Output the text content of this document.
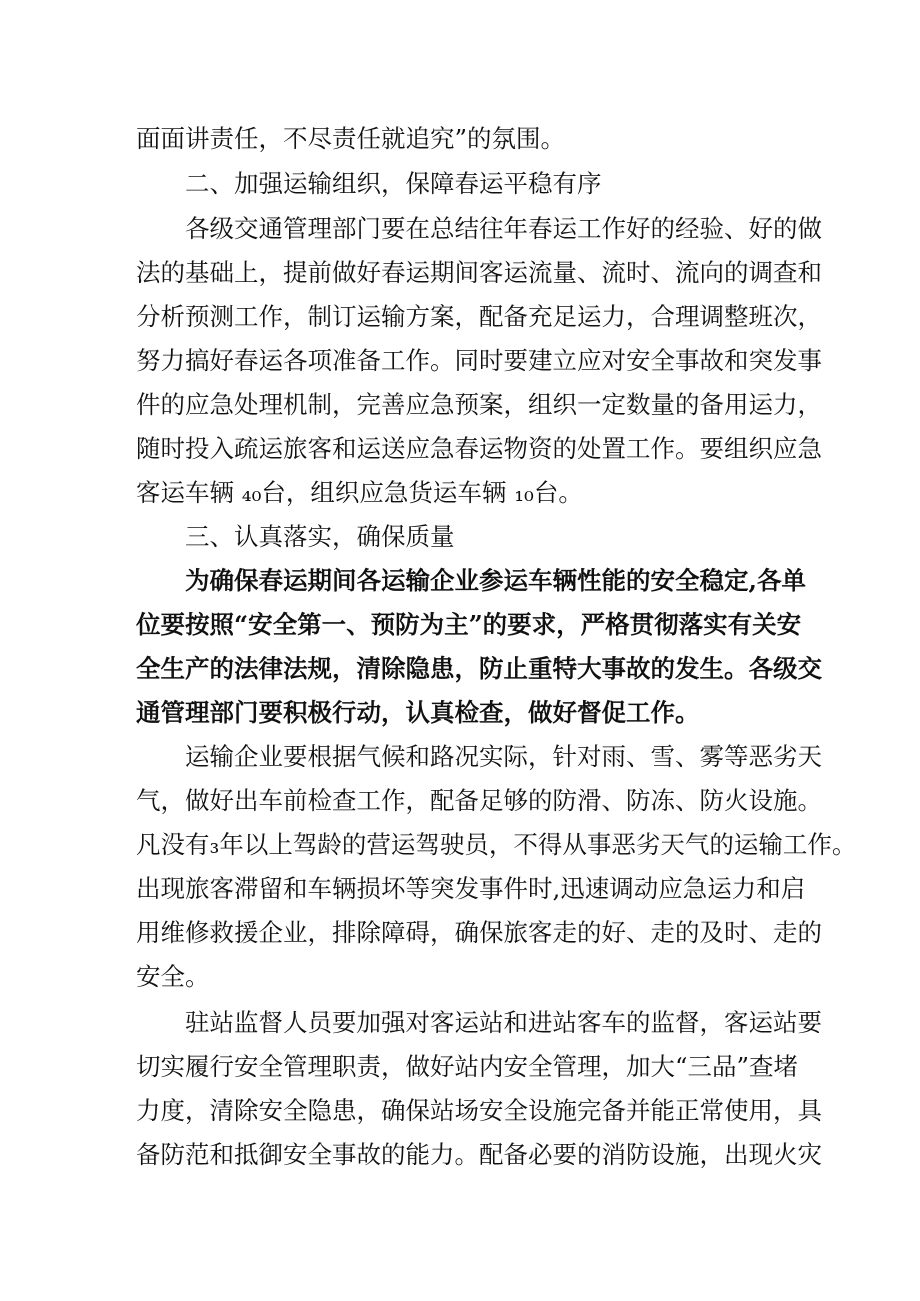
面面讲责任，不尽责任就追究”的氛围。
二、加强运输组织，保障春运平稳有序
各级交通管理部门要在总结往年春运工作好的经验、好的做
法的基础上，提前做好春运期间客运流量、流时、流向的调查和
分析预测工作，制订运输方案，配备充足运力，合理调整班次，
努力搞好春运各项准备工作。同时要建立应对安全事故和突发事
件的应急处理机制，完善应急预案，组织一定数量的备用运力，
随时投入疏运旅客和运送应急春运物资的处置工作。要组织应急
客运车辆 ₄₀台，组织应急货运车辆 ₁₀台。
三、认真落实，确保质量
为确保春运期间各运输企业参运车辆性能的安全稳定,各单
位要按照“安全第一、预防为主”的要求，严格贯彻落实有关安
全生产的法律法规，清除隐患，防止重特大事故的发生。各级交
通管理部门要积极行动，认真检查，做好督促工作。
运输企业要根据气候和路况实际，针对雨、雪、雾等恶劣天
气，做好出车前检查工作，配备足够的防滑、防冻、防火设施。
凡没有₃年以上驾龄的营运驾驶员，不得从事恶劣天气的运输工作。
出现旅客滞留和车辆损坏等突发事件时,迅速调动应急运力和启
用维修救援企业，排除障碍，确保旅客走的好、走的及时、走的
安全。
驻站监督人员要加强对客运站和进站客车的监督，客运站要
切实履行安全管理职责，做好站内安全管理，加大“三品”查堵
力度，清除安全隐患，确保站场安全设施完备并能正常使用，具
备防范和抵御安全事故的能力。配备必要的消防设施，出现火灾
